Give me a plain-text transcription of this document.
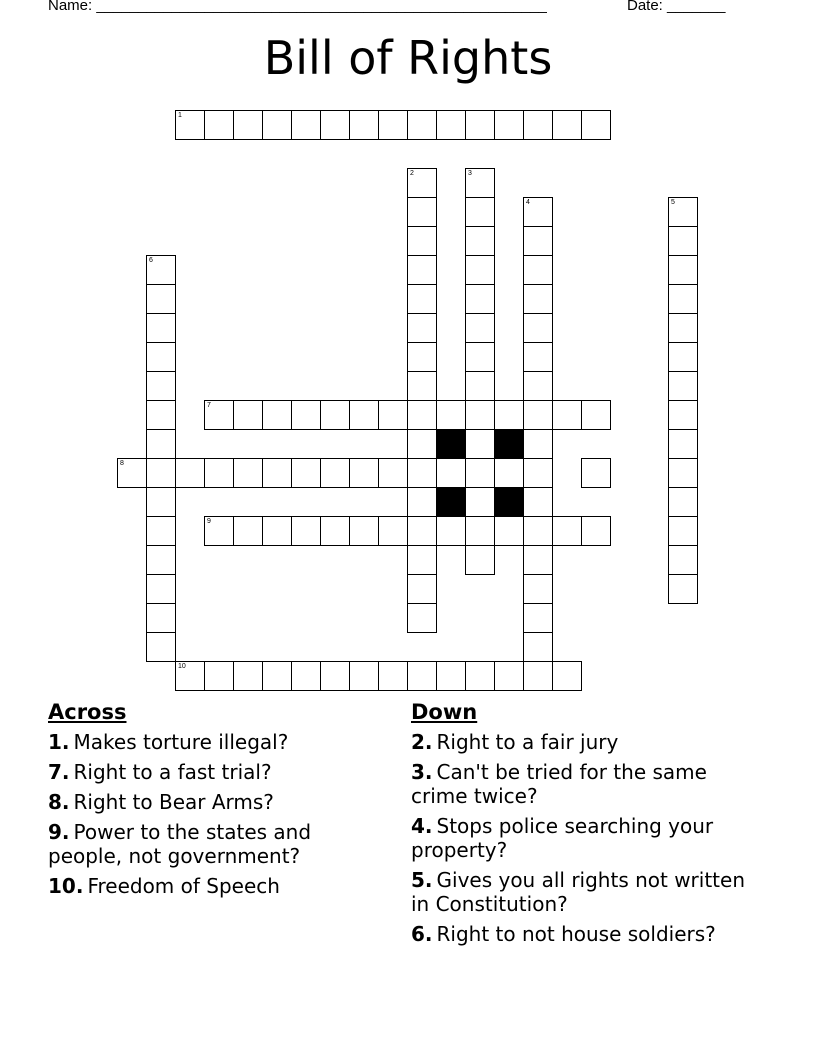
Name: ______________________________________________________	Date: _______
Bill of Rights
1
2	3
4	5
6
7
8
9
10
Across
1. Makes torture illegal?
7. Right to a fast trial?
8. Right to Bear Arms?
9. Power to the states and people, not government?
10. Freedom of Speech
Down
2. Right to a fair jury
3. Can't be tried for the same crime twice?
4. Stops police searching your property?
5. Gives you all rights not written in Constitution?
6. Right to not house soldiers?
